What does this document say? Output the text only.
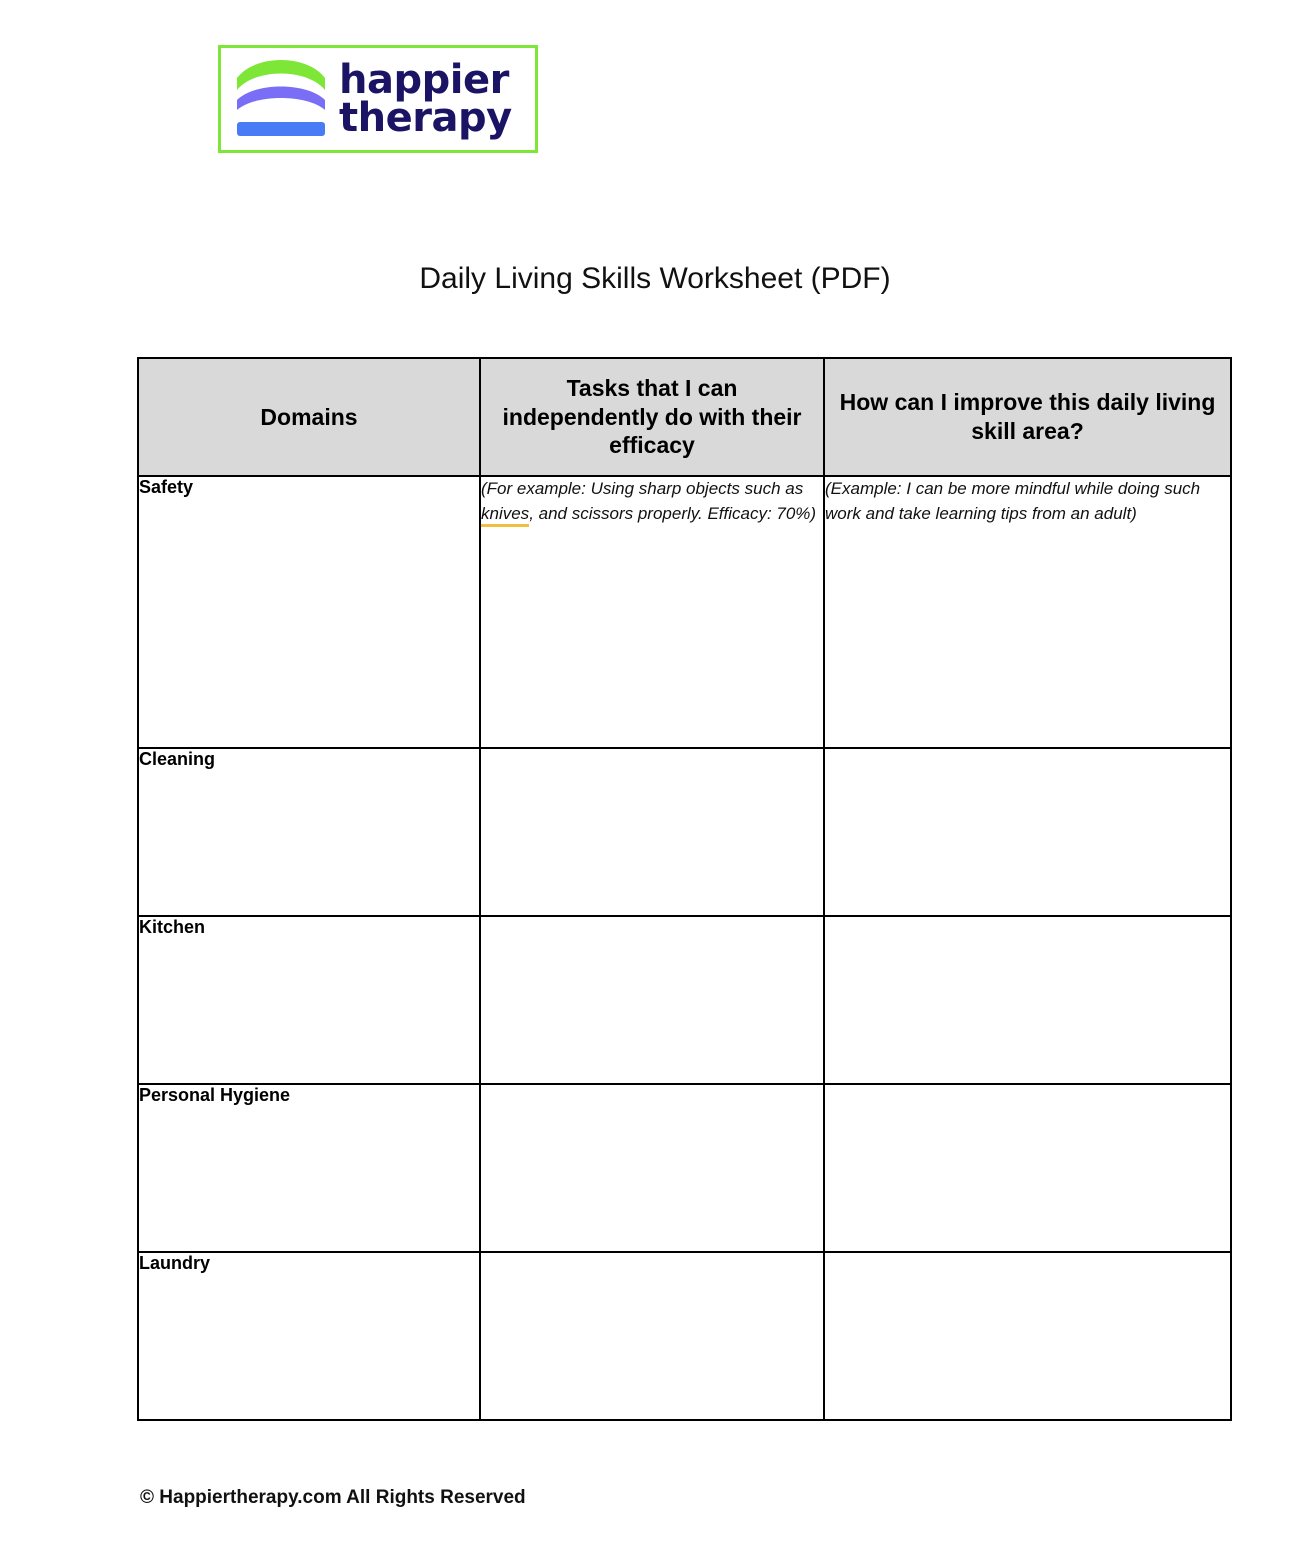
happier
therapy
Daily Living Skills Worksheet (PDF)
Domains	Tasks that I can independently do with their efficacy	How can I improve this daily living skill area?
Safety	(For example: Using sharp objects such as knives, and scissors properly. Efficacy: 70%)	(Example: I can be more mindful while doing such work and take learning tips from an adult)
Cleaning		
Kitchen		
Personal Hygiene		
Laundry		
© Happiertherapy.com All Rights Reserved
